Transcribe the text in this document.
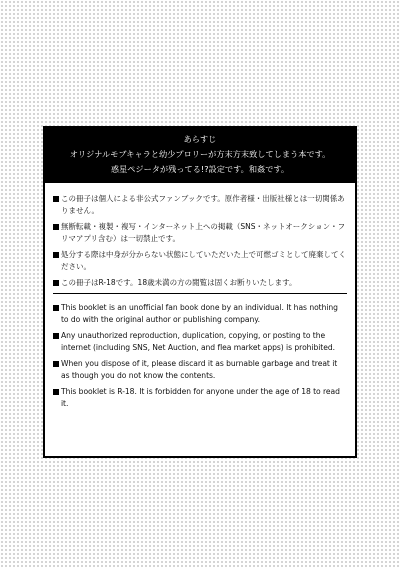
あらすじ
オリジナルモブキャラと幼少プロリーが方末方末致してしまう本です。
惑星ペジータが残ってる!?設定です。和姦です。
この冊子は個人による非公式ファンブックです。原作者様・出版社様とは一切関係ありません。
無断転載・複製・複写・インターネット上への掲載（SNS・ネットオークション・フリマアプリ含む）は一切禁止です。
処分する際は中身が分からない状態にしていただいた上で可燃ゴミとして廃棄してください。
この冊子はR-18です。18歳未満の方の閲覧は固くお断りいたします。
This booklet is an unofficial fan book done by an individual. It has nothing to do with the original author or publishing company.
Any unauthorized reproduction, duplication, copying, or posting to the internet (including SNS, Net Auction, and flea market apps) is prohibited.
When you dispose of it, please discard it as burnable garbage and treat it as though you do not know the contents.
This booklet is R-18. It is forbidden for anyone under the age of 18 to read it.
